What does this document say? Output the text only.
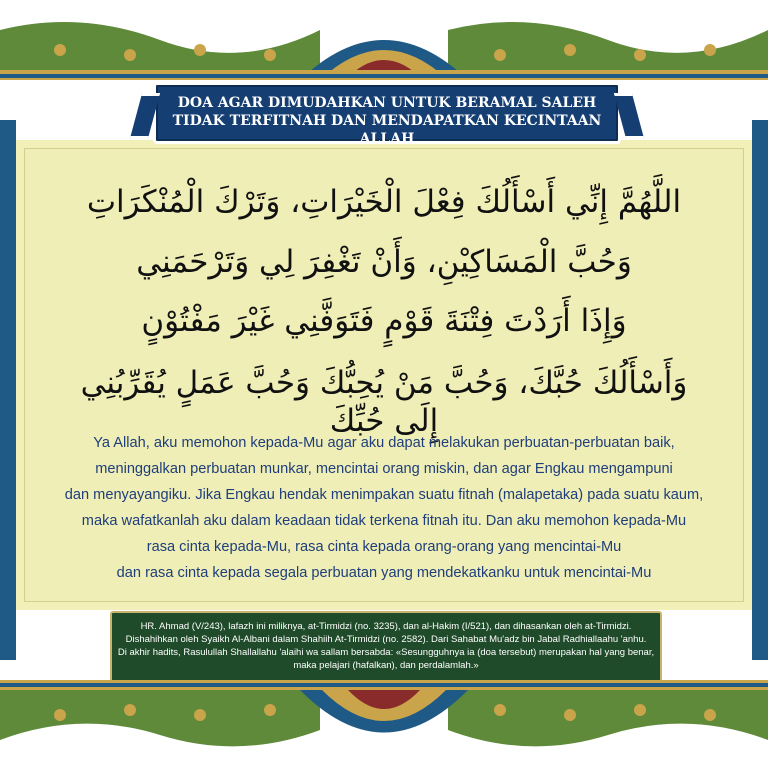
DOA AGAR DIMUDAHKAN UNTUK BERAMAL SALEH
TIDAK TERFITNAH DAN MENDAPATKAN KECINTAAN ALLAH
اللَّهُمَّ إِنِّي أَسْأَلُكَ فِعْلَ الْخَيْرَاتِ، وَتَرْكَ الْمُنْكَرَاتِ
وَحُبَّ الْمَسَاكِيْنِ، وَأَنْ تَغْفِرَ لِي وَتَرْحَمَنِي
وَإِذَا أَرَدْتَ فِتْنَةَ قَوْمٍ فَتَوَفَّنِي غَيْرَ مَفْتُوْنٍ
وَأَسْأَلُكَ حُبَّكَ، وَحُبَّ مَنْ يُحِبُّكَ وَحُبَّ عَمَلٍ يُقَرِّبُنِي إِلَى حُبِّكَ
Ya Allah, aku memohon kepada-Mu agar aku dapat melakukan perbuatan-perbuatan baik,
meninggalkan perbuatan munkar, mencintai orang miskin, dan agar Engkau mengampuni
dan menyayangiku. Jika Engkau hendak menimpakan suatu fitnah (malapetaka) pada suatu kaum,
maka wafatkanlah aku dalam keadaan tidak terkena fitnah itu. Dan aku memohon kepada-Mu
rasa cinta kepada-Mu, rasa cinta kepada orang-orang yang mencintai-Mu
dan rasa cinta kepada segala perbuatan yang mendekatkanku untuk mencintai-Mu
HR. Ahmad (V/243), lafazh ini miliknya, at-Tirmidzi (no. 3235), dan al-Hakim (I/521), dan dihasankan oleh at-Tirmidzi.
Dishahihkan oleh Syaikh Al-Albani dalam Shahiih At-Tirmidzi (no. 2582). Dari Sahabat Mu'adz bin Jabal Radhiallaahu 'anhu.
Di akhir hadits, Rasulullah Shallallahu 'alaihi wa sallam bersabda: «Sesungguhnya ia (doa tersebut) merupakan hal yang benar,
maka pelajari (hafalkan), dan perdalamlah.»
